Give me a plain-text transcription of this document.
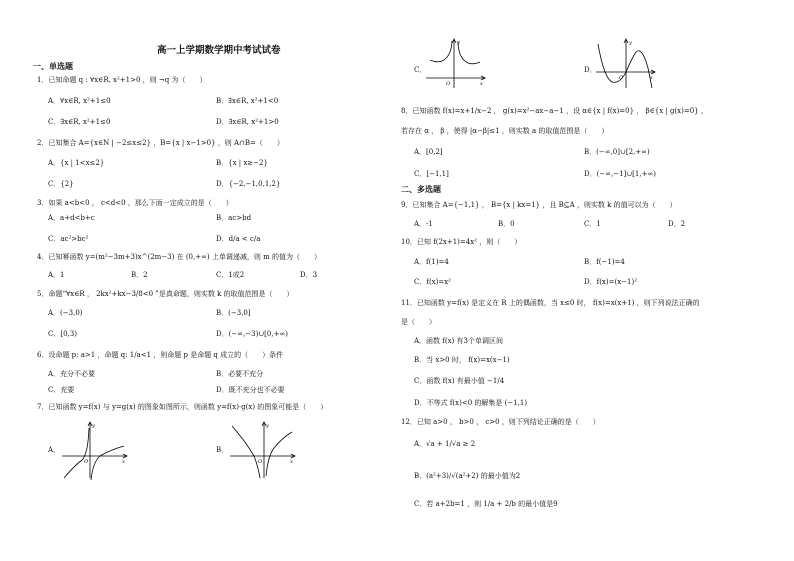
高一上学期数学期中考试试卷
一、单选题
1．已知命题 q : ∀x∈R, x²+1>0 ，则 ¬q 为（　　）
A．∀x∈R, x²+1≤0	B．∃x∈R, x²+1<0
C．∃x∈R, x²+1≤0	D．∃x∈R, x²+1>0
2．已知集合 A={x∈N | −2≤x≤2} ，B={x | x−1>0} ，则 A∩B=（　　）
A．{x | 1<x≤2}	B．{x | x≥−2}
C．{2}	D．{−2,−1,0,1,2}
3．如果 a<b<0 ， c<d<0 ，那么下面一定成立的是（　　）
A．a+d<b+c	B．ac>bd
C．ac²>bc²	D．d/a < c/a
4．已知幂函数 y=(m²−3m+3)x^(2m−3) 在 (0,+∞) 上单调递减，则 m 的值为（　　）
A．1	B．2	C．1或2	D．3
5．命题“∀x∈R ， 2kx²+kx−3/8<0 ”是真命题，则实数 k 的取值范围是（　　）
A．(−3,0)	B．(−3,0]
C．[0,3)	D．(−∞,−3)∪[0,+∞)
6．设命题 p: a>1 ，命题 q: 1/a<1 ，则命题 p 是命题 q 成立的（　　）条件
A．充分不必要	B．必要不充分
C．充要	D．既不充分也不必要
7．已知函数 y=f(x) 与 y=g(x) 的图象如图所示，则函数 y=f(x)·g(x) 的图象可能是（　　）
A．	B．
y
x
O
y
x
O
C．	D．
y
x
O
y
x
O
8．已知函数 f(x)=x+1/x−2 ， g(x)=x²−ax−a−1 ，设 α∈{x | f(x)=0} ， β∈{x | g(x)=0} ，
若存在 α ， β ，使得 |α−β|≤1 ，则实数 a 的取值范围是（　　）
A．[0,2]	B．(−∞,0]∪[2,+∞)
C．[−1,1]	D．(−∞,−1]∪[1,+∞)
二、多选题
9．已知集合 A={−1,1} ， B={x | kx=1} ，且 B⊆A ，则实数 k 的值可以为（　　）
A．-1	B．0	C．1	D．2
10．已知 f(2x+1)=4x² ，则（　　）
A．f(1)=4	B．f(−1)=4
C．f(x)=x²	D．f(x)=(x−1)²
11．已知函数 y=f(x) 是定义在 R 上的偶函数，当 x≤0 时， f(x)=x(x+1) ，则下列说法正确的
是（　　）
A．函数 f(x) 有3个单调区间
B．当 x>0 时， f(x)=x(x−1)
C．函数 f(x) 有最小值 −1/4
D．不等式 f(x)<0 的解集是 (−1,1)
12．已知 a>0 ， b>0 ， c>0 ，则下列结论正确的是（　　）
A．√a + 1/√a ≥ 2
B．(a²+3)/√(a²+2) 的最小值为2
C．若 a+2b=1 ，则 1/a + 2/b 的最小值是9
